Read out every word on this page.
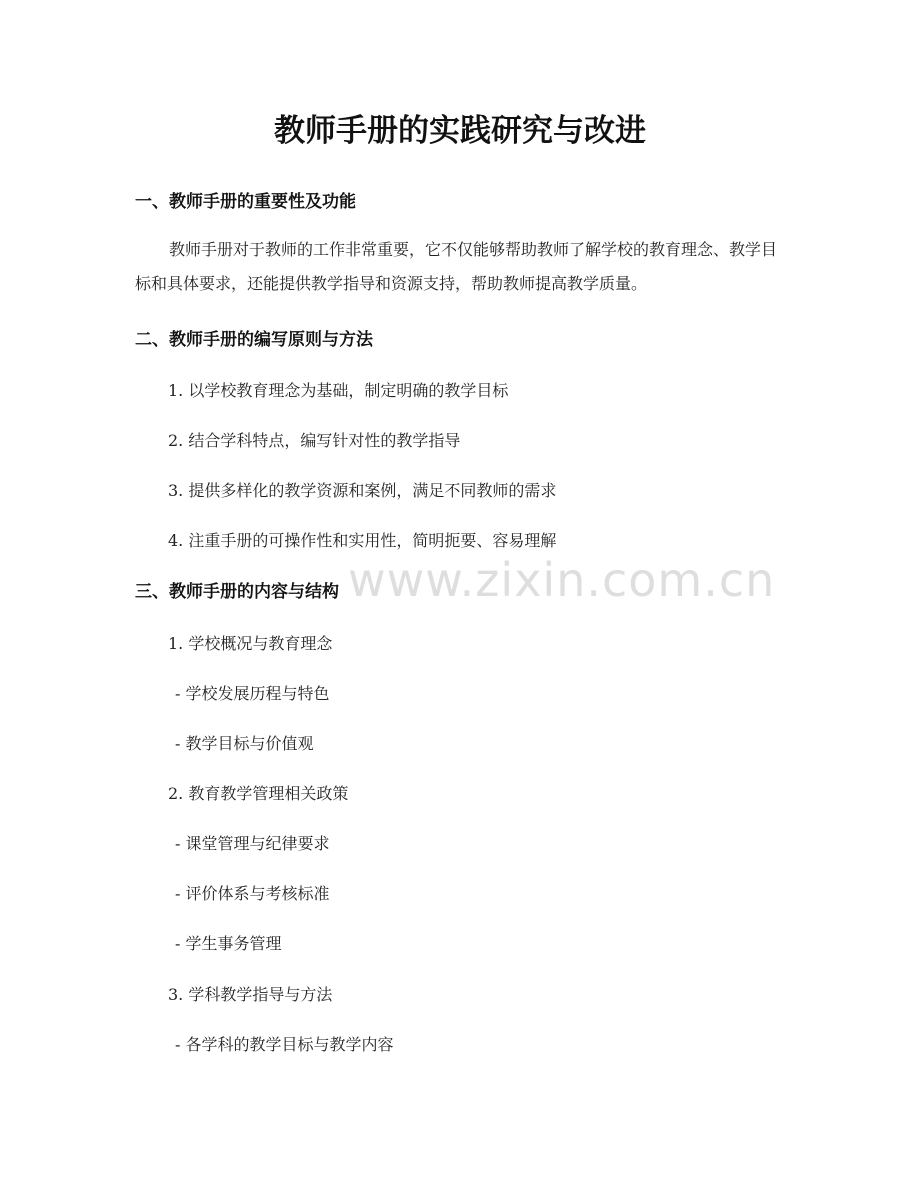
www.zixin.com.cn
教师手册的实践研究与改进
一、教师手册的重要性及功能

教师手册对于教师的工作非常重要，它不仅能够帮助教师了解学校的教育理念、教学目标和具体要求，还能提供教学指导和资源支持，帮助教师提高教学质量。

二、教师手册的编写原则与方法

1. 以学校教育理念为基础，制定明确的教学目标

2. 结合学科特点，编写针对性的教学指导

3. 提供多样化的教学资源和案例，满足不同教师的需求

4. 注重手册的可操作性和实用性，简明扼要、容易理解

三、教师手册的内容与结构

1. 学校概况与教育理念

- 学校发展历程与特色

- 教学目标与价值观

2. 教育教学管理相关政策

- 课堂管理与纪律要求

- 评价体系与考核标准

- 学生事务管理

3. 学科教学指导与方法

- 各学科的教学目标与教学内容
